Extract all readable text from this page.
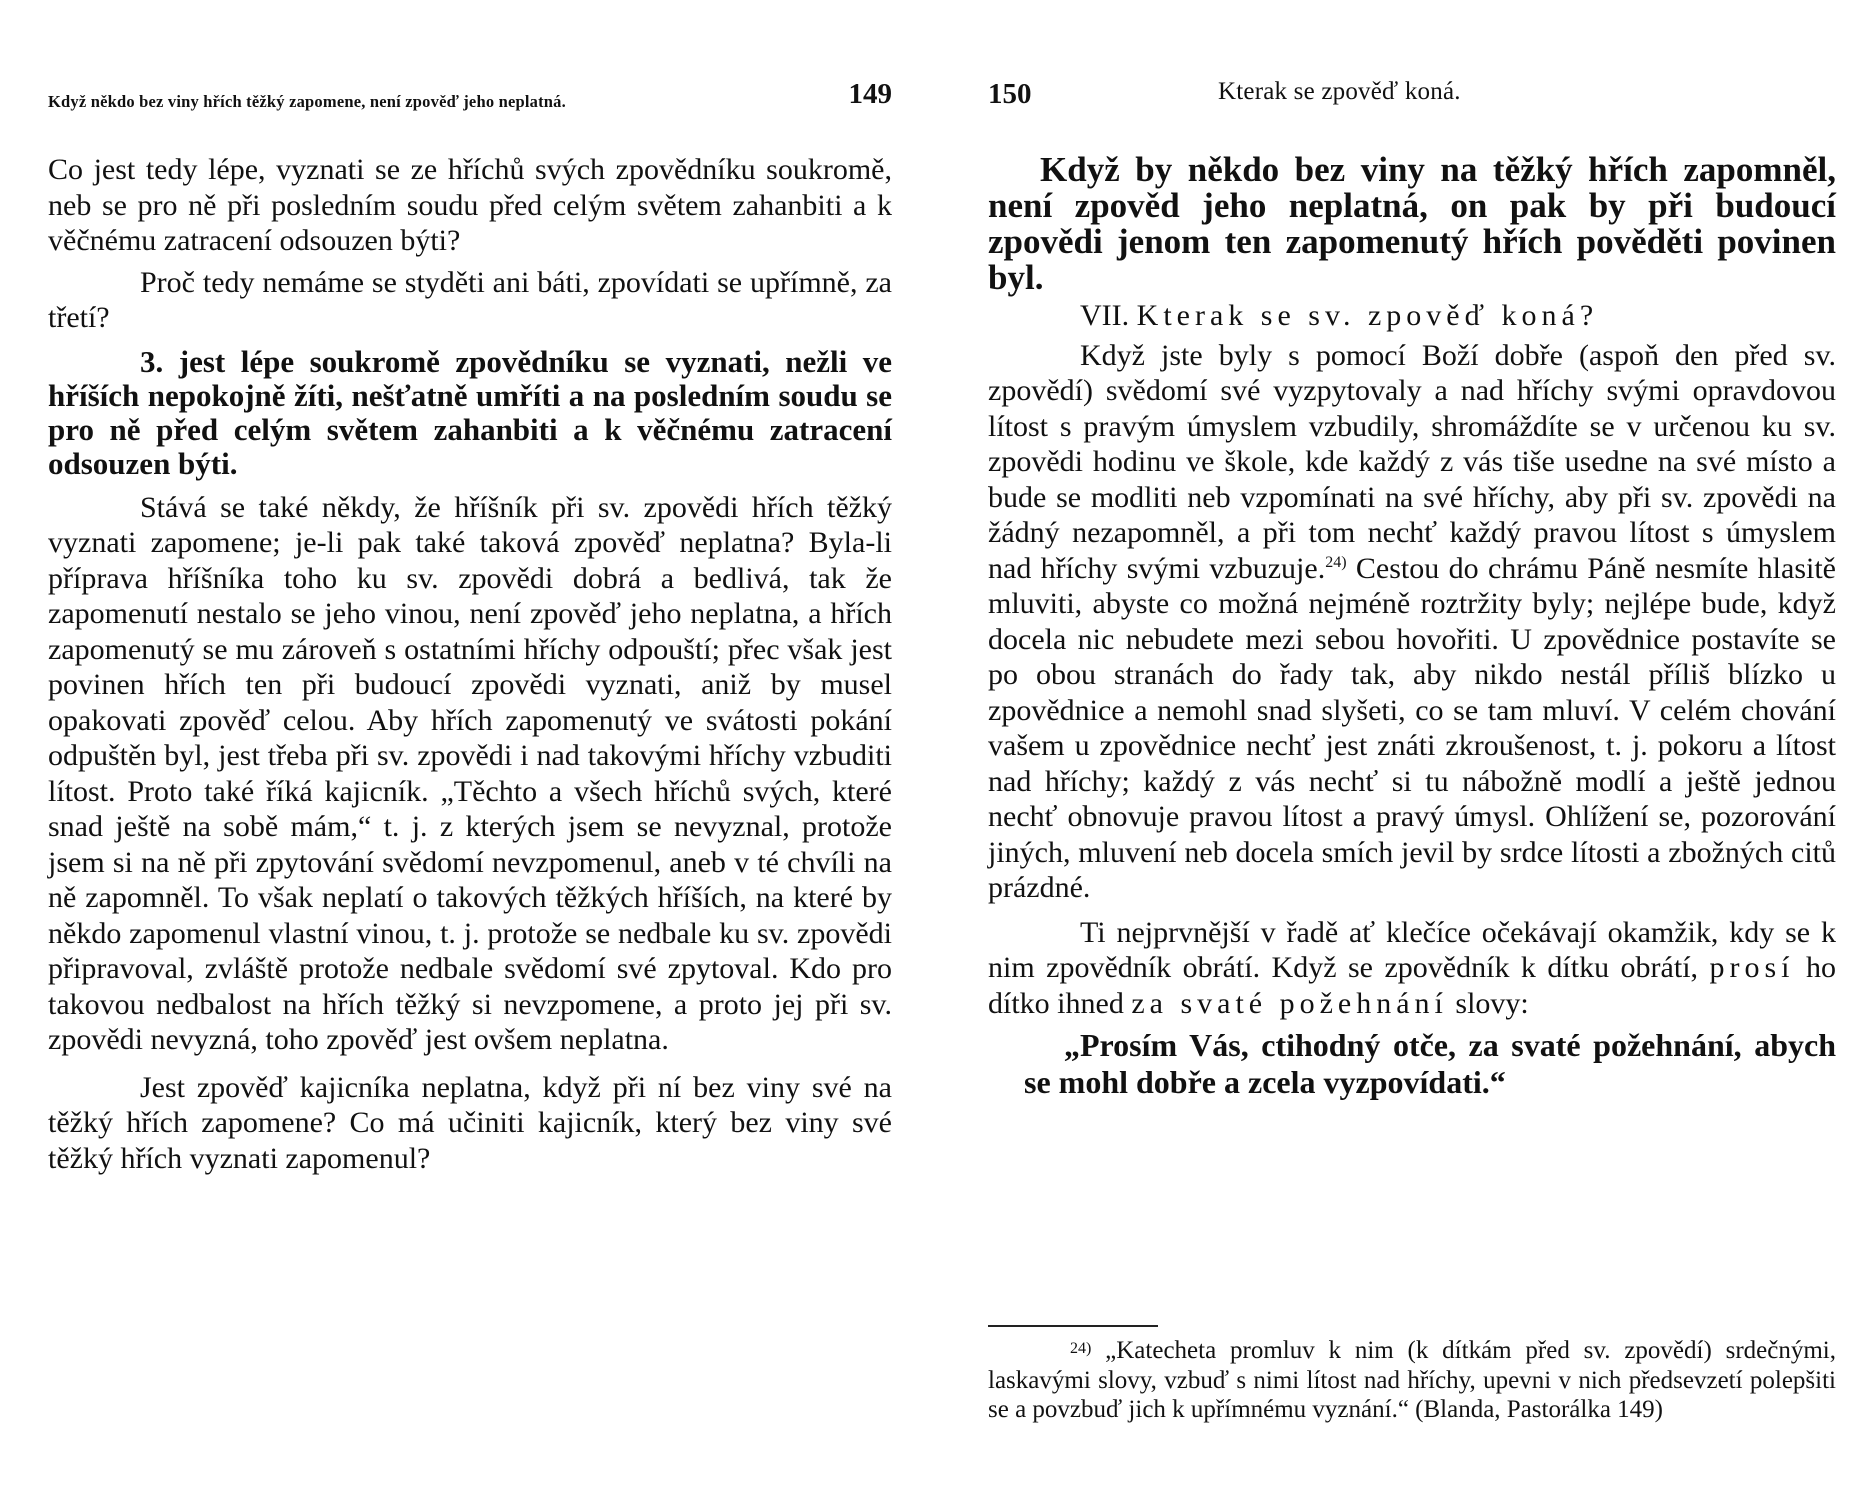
Když někdo bez viny hřích těžký zapomene, není zpověď jeho neplatná.	149

Co jest tedy lépe, vyznati se ze hříchů svých zpovědníku soukromě, neb se pro ně při posledním soudu před celým světem zahanbiti a k věčnému zatracení odsouzen býti?

Proč tedy nemáme se styděti ani báti, zpovídati se upřímně, za třetí?

3. jest lépe soukromě zpovědníku se vyznati, nežli ve hříších nepokojně žíti, nešťatně umříti a na posledním soudu se pro ně před celým světem zahanbiti a k věčnému zatracení odsouzen býti.

Stává se také někdy, že hříšník při sv. zpovědi hřích těžký vyznati zapomene; je-li pak také taková zpověď neplatna? Byla-li příprava hříšníka toho ku sv. zpovědi dobrá a bedlivá, tak že zapomenutí nestalo se jeho vinou, není zpověď jeho neplatna, a hřích zapomenutý se mu zároveň s ostatními hříchy odpouští; přec však jest povinen hřích ten při budoucí zpovědi vyznati, aniž by musel opakovati zpověď celou. Aby hřích zapomenutý ve svátosti pokání odpuštěn byl, jest třeba při sv. zpovědi i nad takovými hříchy vzbuditi lítost. Proto také říká kajicník. „Těchto a všech hříchů svých, které snad ještě na sobě mám,“ t. j. z kterých jsem se nevyznal, protože jsem si na ně při zpytování svědomí nevzpomenul, aneb v té chvíli na ně zapomněl. To však neplatí o takových těžkých hříších, na které by někdo zapomenul vlastní vinou, t. j. protože se nedbale ku sv. zpovědi připravoval, zvláště protože nedbale svědomí své zpytoval. Kdo pro takovou nedbalost na hřích těžký si nevzpomene, a proto jej při sv. zpovědi nevyzná, toho zpověď jest ovšem neplatna.

Jest zpověď kajicníka neplatna, když při ní bez viny své na těžký hřích zapomene? Co má učiniti kajicník, který bez viny své těžký hřích vyznati zapomenul?

150	Kterak se zpověď koná.

Když by někdo bez viny na těžký hřích zapomněl, není zpověd jeho neplatná, on pak by při budoucí zpovědi jenom ten zapomenutý hřích pověděti povinen byl.

VII. Kterak se sv. zpověď koná?

Když jste byly s pomocí Boží dobře (aspoň den před sv. zpovědí) svědomí své vyzpytovaly a nad hříchy svými opravdovou lítost s pravým úmyslem vzbudily, shromáždíte se v určenou ku sv. zpovědi hodinu ve škole, kde každý z vás tiše usedne na své místo a bude se modliti neb vzpomínati na své hříchy, aby při sv. zpovědi na žádný nezapomněl, a při tom nechť každý pravou lítost s úmyslem nad hříchy svými vzbuzuje.$^{24)}$ Cestou do chrámu Páně nesmíte hlasitě mluviti, abyste co možná nejméně roztržity byly; nejlépe bude, když docela nic nebudete mezi sebou hovořiti. U zpovědnice postavíte se po obou stranách do řady tak, aby nikdo nestál příliš blízko u zpovědnice a nemohl snad slyšeti, co se tam mluví. V celém chování vašem u zpovědnice nechť jest znáti zkroušenost, t. j. pokoru a lítost nad hříchy; každý z vás nechť si tu nábožně modlí a ještě jednou nechť obnovuje pravou lítost a pravý úmysl. Ohlížení se, pozorování jiných, mluvení neb docela smích jevil by srdce lítosti a zbožných citů prázdné.

Ti nejprvnější v řadě ať klečíce očekávají okamžik, kdy se k nim zpovědník obrátí. Když se zpovědník k dítku obrátí, prosí ho dítko ihned za svaté požehnání slovy:

„Prosím Vás, ctihodný otče, za svaté požehnání, abych se mohl dobře a zcela vyzpovídati.“

$^{24)}$ „Katecheta promluv k nim (k dítkám před sv. zpovědí) srdečnými, laskavými slovy, vzbuď s nimi lítost nad hříchy, upevni v nich předsevzetí polepšiti se a povzbuď jich k upřímnému vyznání.“ (Blanda, Pastorálka 149)
